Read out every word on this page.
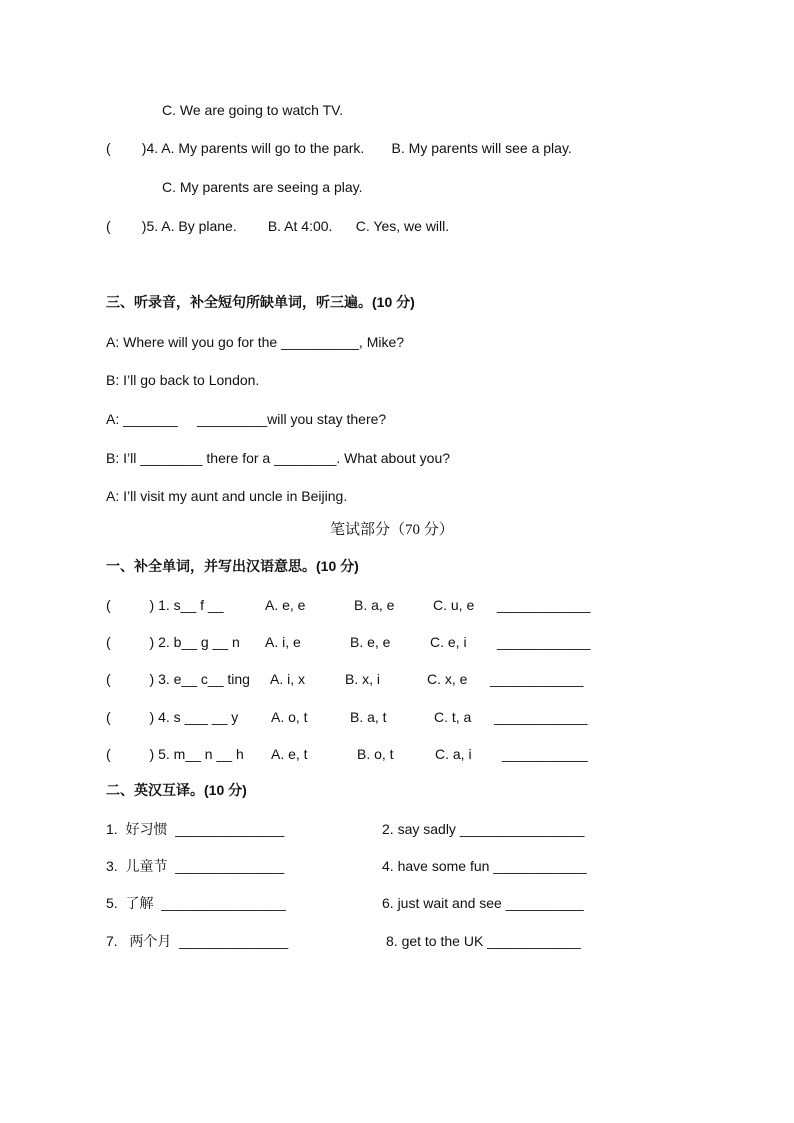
C. We are going to watch TV.
(        )4. A. My parents will go to the park.       B. My parents will see a play.
C. My parents are seeing a play.
(        )5. A. By plane.        B. At 4:00.      C. Yes, we will.
三、听录音，补全短句所缺单词，听三遍。(10 分)
A: Where will you go for the __________, Mike?
B: I’ll go back to London.
A: _______     _________will you stay there?
B: I’ll ________ there for a ________. What about you?
A: I’ll visit my aunt and uncle in Beijing.
笔试部分（70 分）
一、补全单词，并写出汉语意思。(10 分)
(          ) 1. s__ f __	A. e, e	B. a, e	C. u, e ____________
(          ) 2. b__ g __ n A. i, e	B. e, e	C. e, i ____________
(          ) 3. e__ c__ ting A. i, x	B. x, i	C. x, e ____________
(          ) 4. s ___ __ y A. o, t	B. a, t	C. t, a ____________
(          ) 5. m__ n __ h A. e, t	B. o, t	C. a, i ___________
二、英汉互译。(10 分)
1.  好习惯  ______________	2. say sadly ________________
3.  儿童节  ______________	4. have some fun ____________
5.  了解  ________________	6. just wait and see __________
7.   两个月  ______________	8. get to the UK ____________
